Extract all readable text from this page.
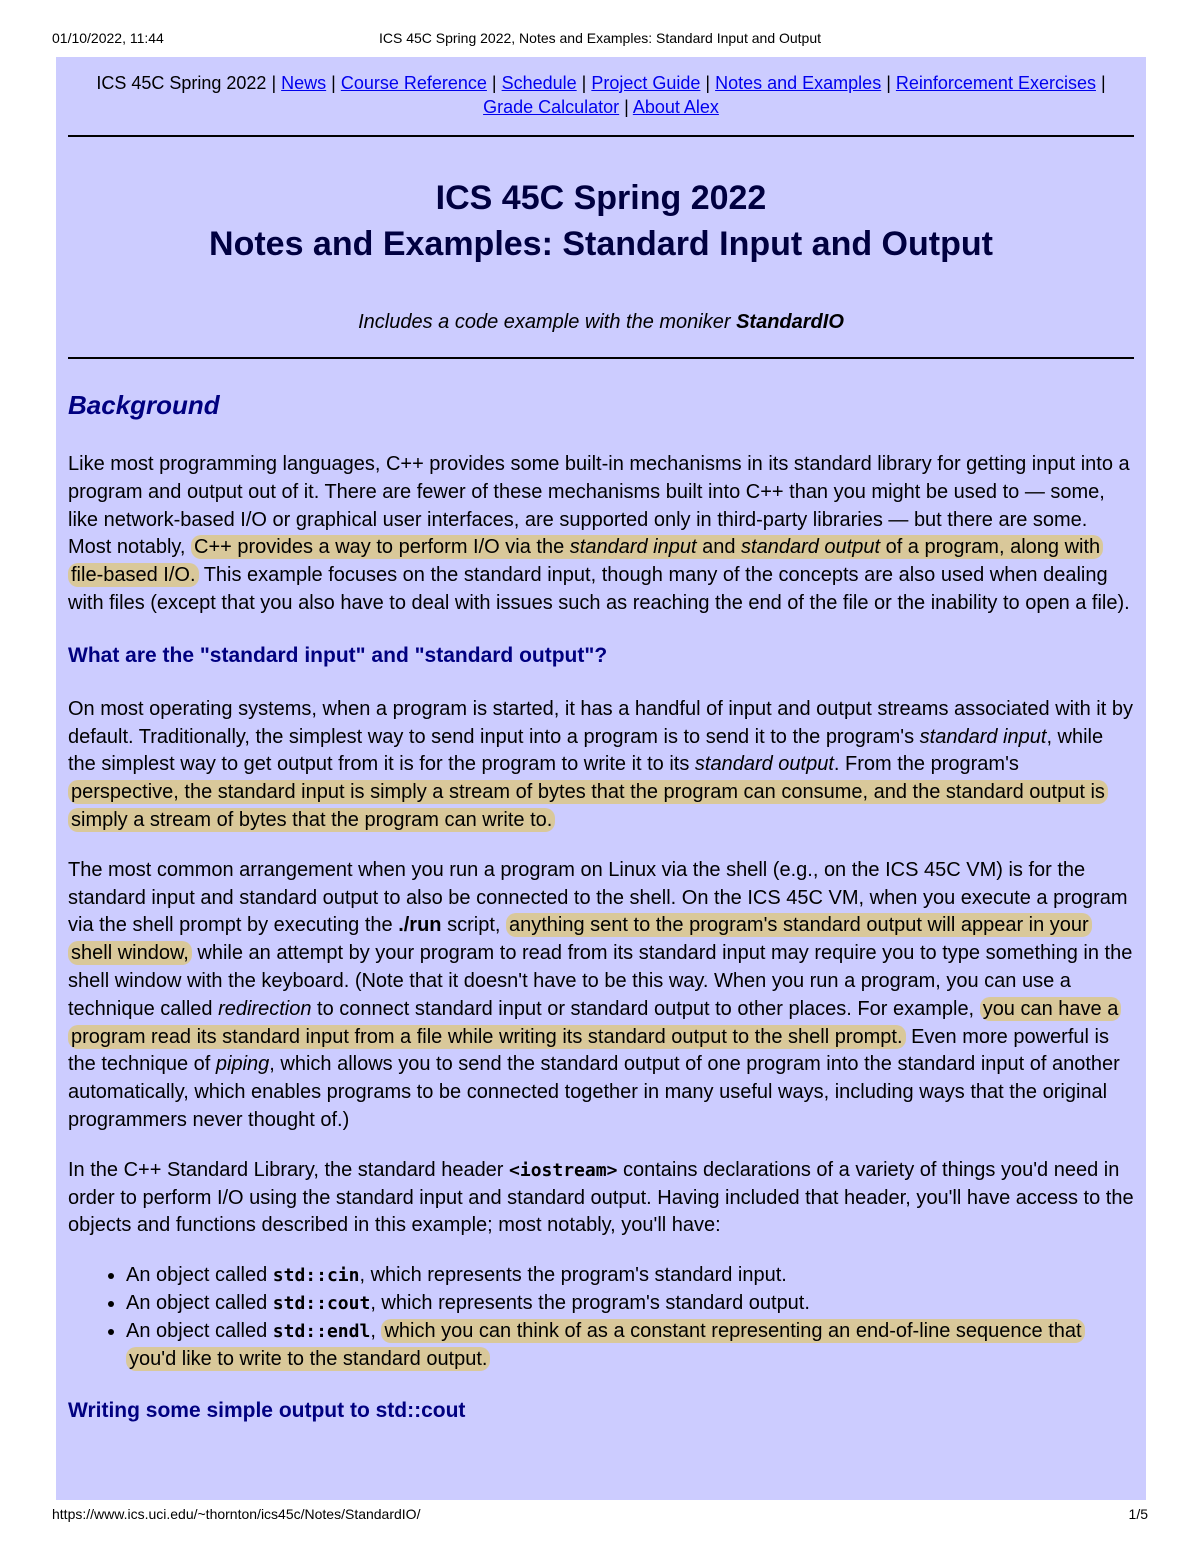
01/10/2022, 11:44	ICS 45C Spring 2022, Notes and Examples: Standard Input and Output
ICS 45C Spring 2022 | News | Course Reference | Schedule | Project Guide | Notes and Examples | Reinforcement Exercises | Grade Calculator | About Alex
ICS 45C Spring 2022
Notes and Examples: Standard Input and Output
Includes a code example with the moniker StandardIO
Background

Like most programming languages, C++ provides some built-in mechanisms in its standard library for getting input into a program and output out of it. There are fewer of these mechanisms built into C++ than you might be used to — some, like network-based I/O or graphical user interfaces, are supported only in third-party libraries — but there are some. Most notably, C++ provides a way to perform I/O via the standard input and standard output of a program, along with file-based I/O. This example focuses on the standard input, though many of the concepts are also used when dealing with files (except that you also have to deal with issues such as reaching the end of the file or the inability to open a file).

What are the "standard input" and "standard output"?

On most operating systems, when a program is started, it has a handful of input and output streams associated with it by default. Traditionally, the simplest way to send input into a program is to send it to the program's standard input, while the simplest way to get output from it is for the program to write it to its standard output. From the program's perspective, the standard input is simply a stream of bytes that the program can consume, and the standard output is simply a stream of bytes that the program can write to.

The most common arrangement when you run a program on Linux via the shell (e.g., on the ICS 45C VM) is for the standard input and standard output to also be connected to the shell. On the ICS 45C VM, when you execute a program via the shell prompt by executing the ./run script, anything sent to the program's standard output will appear in your shell window, while an attempt by your program to read from its standard input may require you to type something in the shell window with the keyboard. (Note that it doesn't have to be this way. When you run a program, you can use a technique called redirection to connect standard input or standard output to other places. For example, you can have a program read its standard input from a file while writing its standard output to the shell prompt. Even more powerful is the technique of piping, which allows you to send the standard output of one program into the standard input of another automatically, which enables programs to be connected together in many useful ways, including ways that the original programmers never thought of.)

In the C++ Standard Library, the standard header <iostream> contains declarations of a variety of things you'd need in order to perform I/O using the standard input and standard output. Having included that header, you'll have access to the objects and functions described in this example; most notably, you'll have:

• An object called std::cin, which represents the program's standard input.
• An object called std::cout, which represents the program's standard output.
• An object called std::endl, which you can think of as a constant representing an end-of-line sequence that you'd like to write to the standard output.
Writing some simple output to std::cout
https://www.ics.uci.edu/~thornton/ics45c/Notes/StandardIO/	1/5
